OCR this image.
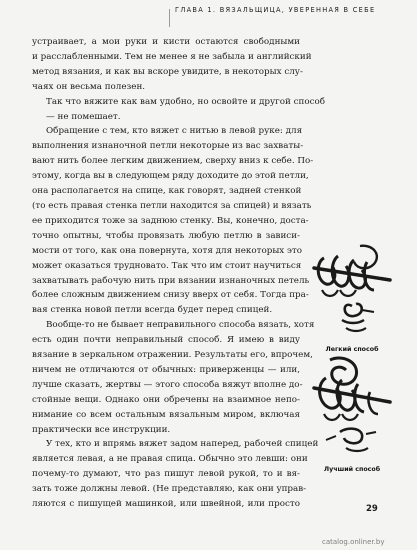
ГЛАВА 1. ВЯЗАЛЬЩИЦА, УВЕРЕННАЯ В СЕБЕ

устраивает, а мои руки и кисти остаются свободными
и расслабленными. Тем не менее я не забыла и английский
метод вязания, и как вы вскоре увидите, в некоторых слу-
чаях он весьма полезен.

Так что вяжите как вам удобно, но освойте и другой способ
— не помешает.

Обращение с тем, кто вяжет с нитью в левой руке: для
выполнения изнаночной петли некоторые из вас захваты-
вают нить более легким движением, сверху вниз к себе. По-
этому, когда вы в следующем ряду доходите до этой петли,
она располагается на спице, как говорят, задней стенкой
(то есть правая стенка петли находится за спицей) и вязать
ее приходится тоже за заднюю стенку. Вы, конечно, доста-
точно опытны, чтобы провязать любую петлю в зависи-
мости от того, как она повернута, хотя для некоторых это
может оказаться трудновато. Так что им стоит научиться
захватывать рабочую нить при вязании изнаночных петель
более сложным движением снизу вверх от себя. Тогда пра-
вая стенка новой петли всегда будет перед спицей.

Вообще-то не бывает неправильного способа вязать, хотя
есть один почти неправильный способ. Я имею в виду
вязание в зеркальном отражении. Результаты его, впрочем,
ничем не отличаются от обычных: приверженцы — или,
лучше сказать, жертвы — этого способа вяжут вполне до-
стойные вещи. Однако они обречены на взаимное непо-
нимание со всем остальным вязальным миром, включая
практически все инструкции.

У тех, кто и впрямь вяжет задом наперед, рабочей спицей
является левая, а не правая спица. Обычно это левши: они
почему-то думают, что раз пишут левой рукой, то и вя-
зать тоже должны левой. (Не представляю, как они управ-
ляются с пишущей машинкой, или швейной, или просто

Легкий способ
Лучший способ
29
catalog.onliner.by
